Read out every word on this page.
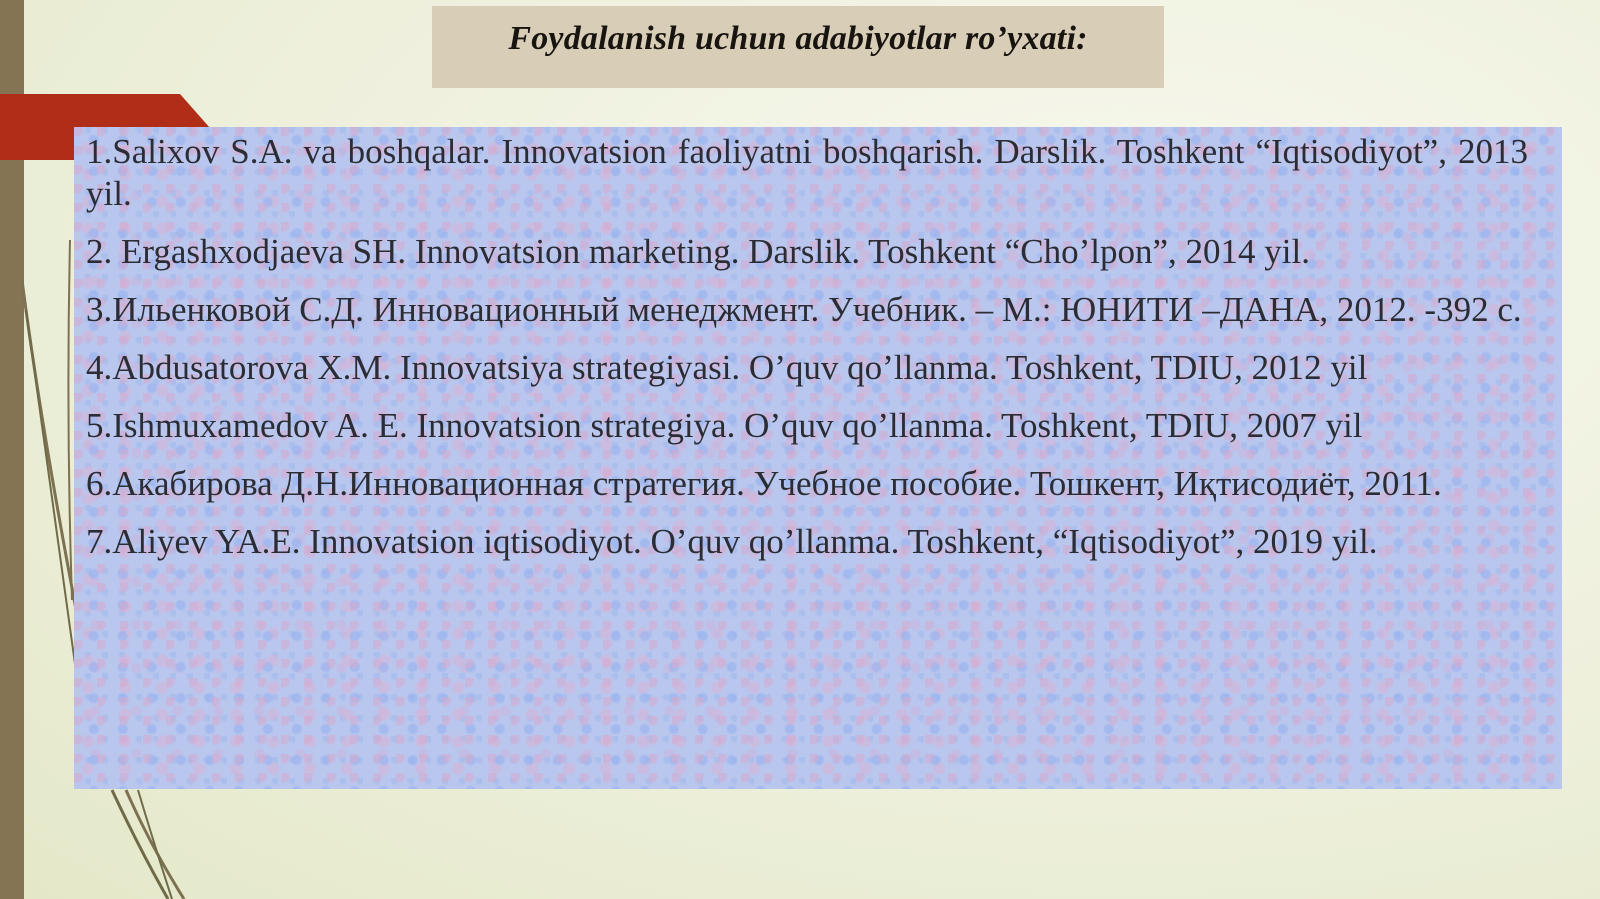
Foydalanish uchun adabiyotlar ro’yxati:

1.Salixov S.A. va boshqalar. Innovatsion faoliyatni boshqarish. Darslik. Toshkent “Iqtisodiyot”, 2013 yil.

2. Ergashxodjaeva SH. Innovatsion marketing. Darslik. Toshkent “Cho’lpon”, 2014 yil.

3.Ильенковой С.Д. Инновационный менеджмент. Учебник. – М.: ЮНИТИ –ДАНА, 2012. -392 с.

4.Abdusatorova X.M. Innovatsiya strategiyasi. O’quv qo’llanma. Toshkent, TDIU, 2012 yil

5.Ishmuxamedov A. E. Innovatsion strategiya. O’quv qo’llanma. Toshkent, TDIU, 2007 yil

6.Акабирова Д.Н.Инновационная стратегия. Учебное пособие. Тошкент, Иқтисодиёт, 2011.

7.Aliyev YA.E. Innovatsion iqtisodiyot. O’quv qo’llanma. Toshkent, “Iqtisodiyot”, 2019 yil.
